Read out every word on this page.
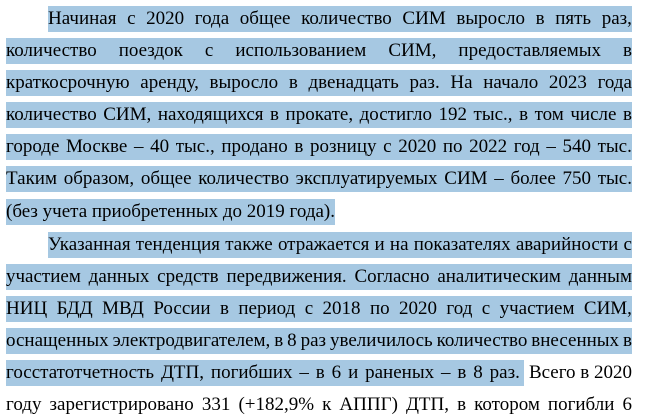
Начиная с 2020 года общее количество СИМ выросло в пять раз,
количество поездок с использованием СИМ, предоставляемых в
краткосрочную аренду, выросло в двенадцать раз. На начало 2023 года
количество СИМ, находящихся в прокате, достигло 192 тыс., в том числе в
городе Москве – 40 тыс., продано в розницу с 2020 по 2022 год – 540 тыс.
Таким образом, общее количество эксплуатируемых СИМ – более 750 тыс.
(без учета приобретенных до 2019 года).
Указанная тенденция также отражается и на показателях аварийности с
участием данных средств передвижения. Согласно аналитическим данным
НИЦ БДД МВД России в период с 2018 по 2020 год с участием СИМ,
оснащенных электродвигателем, в 8 раз увеличилось количество внесенных в
госстатотчетность ДТП, погибших – в 6 и раненых – в 8 раз. Всего в 2020
году зарегистрировано 331 (+182,9% к АППГ) ДТП, в котором погибли 6
